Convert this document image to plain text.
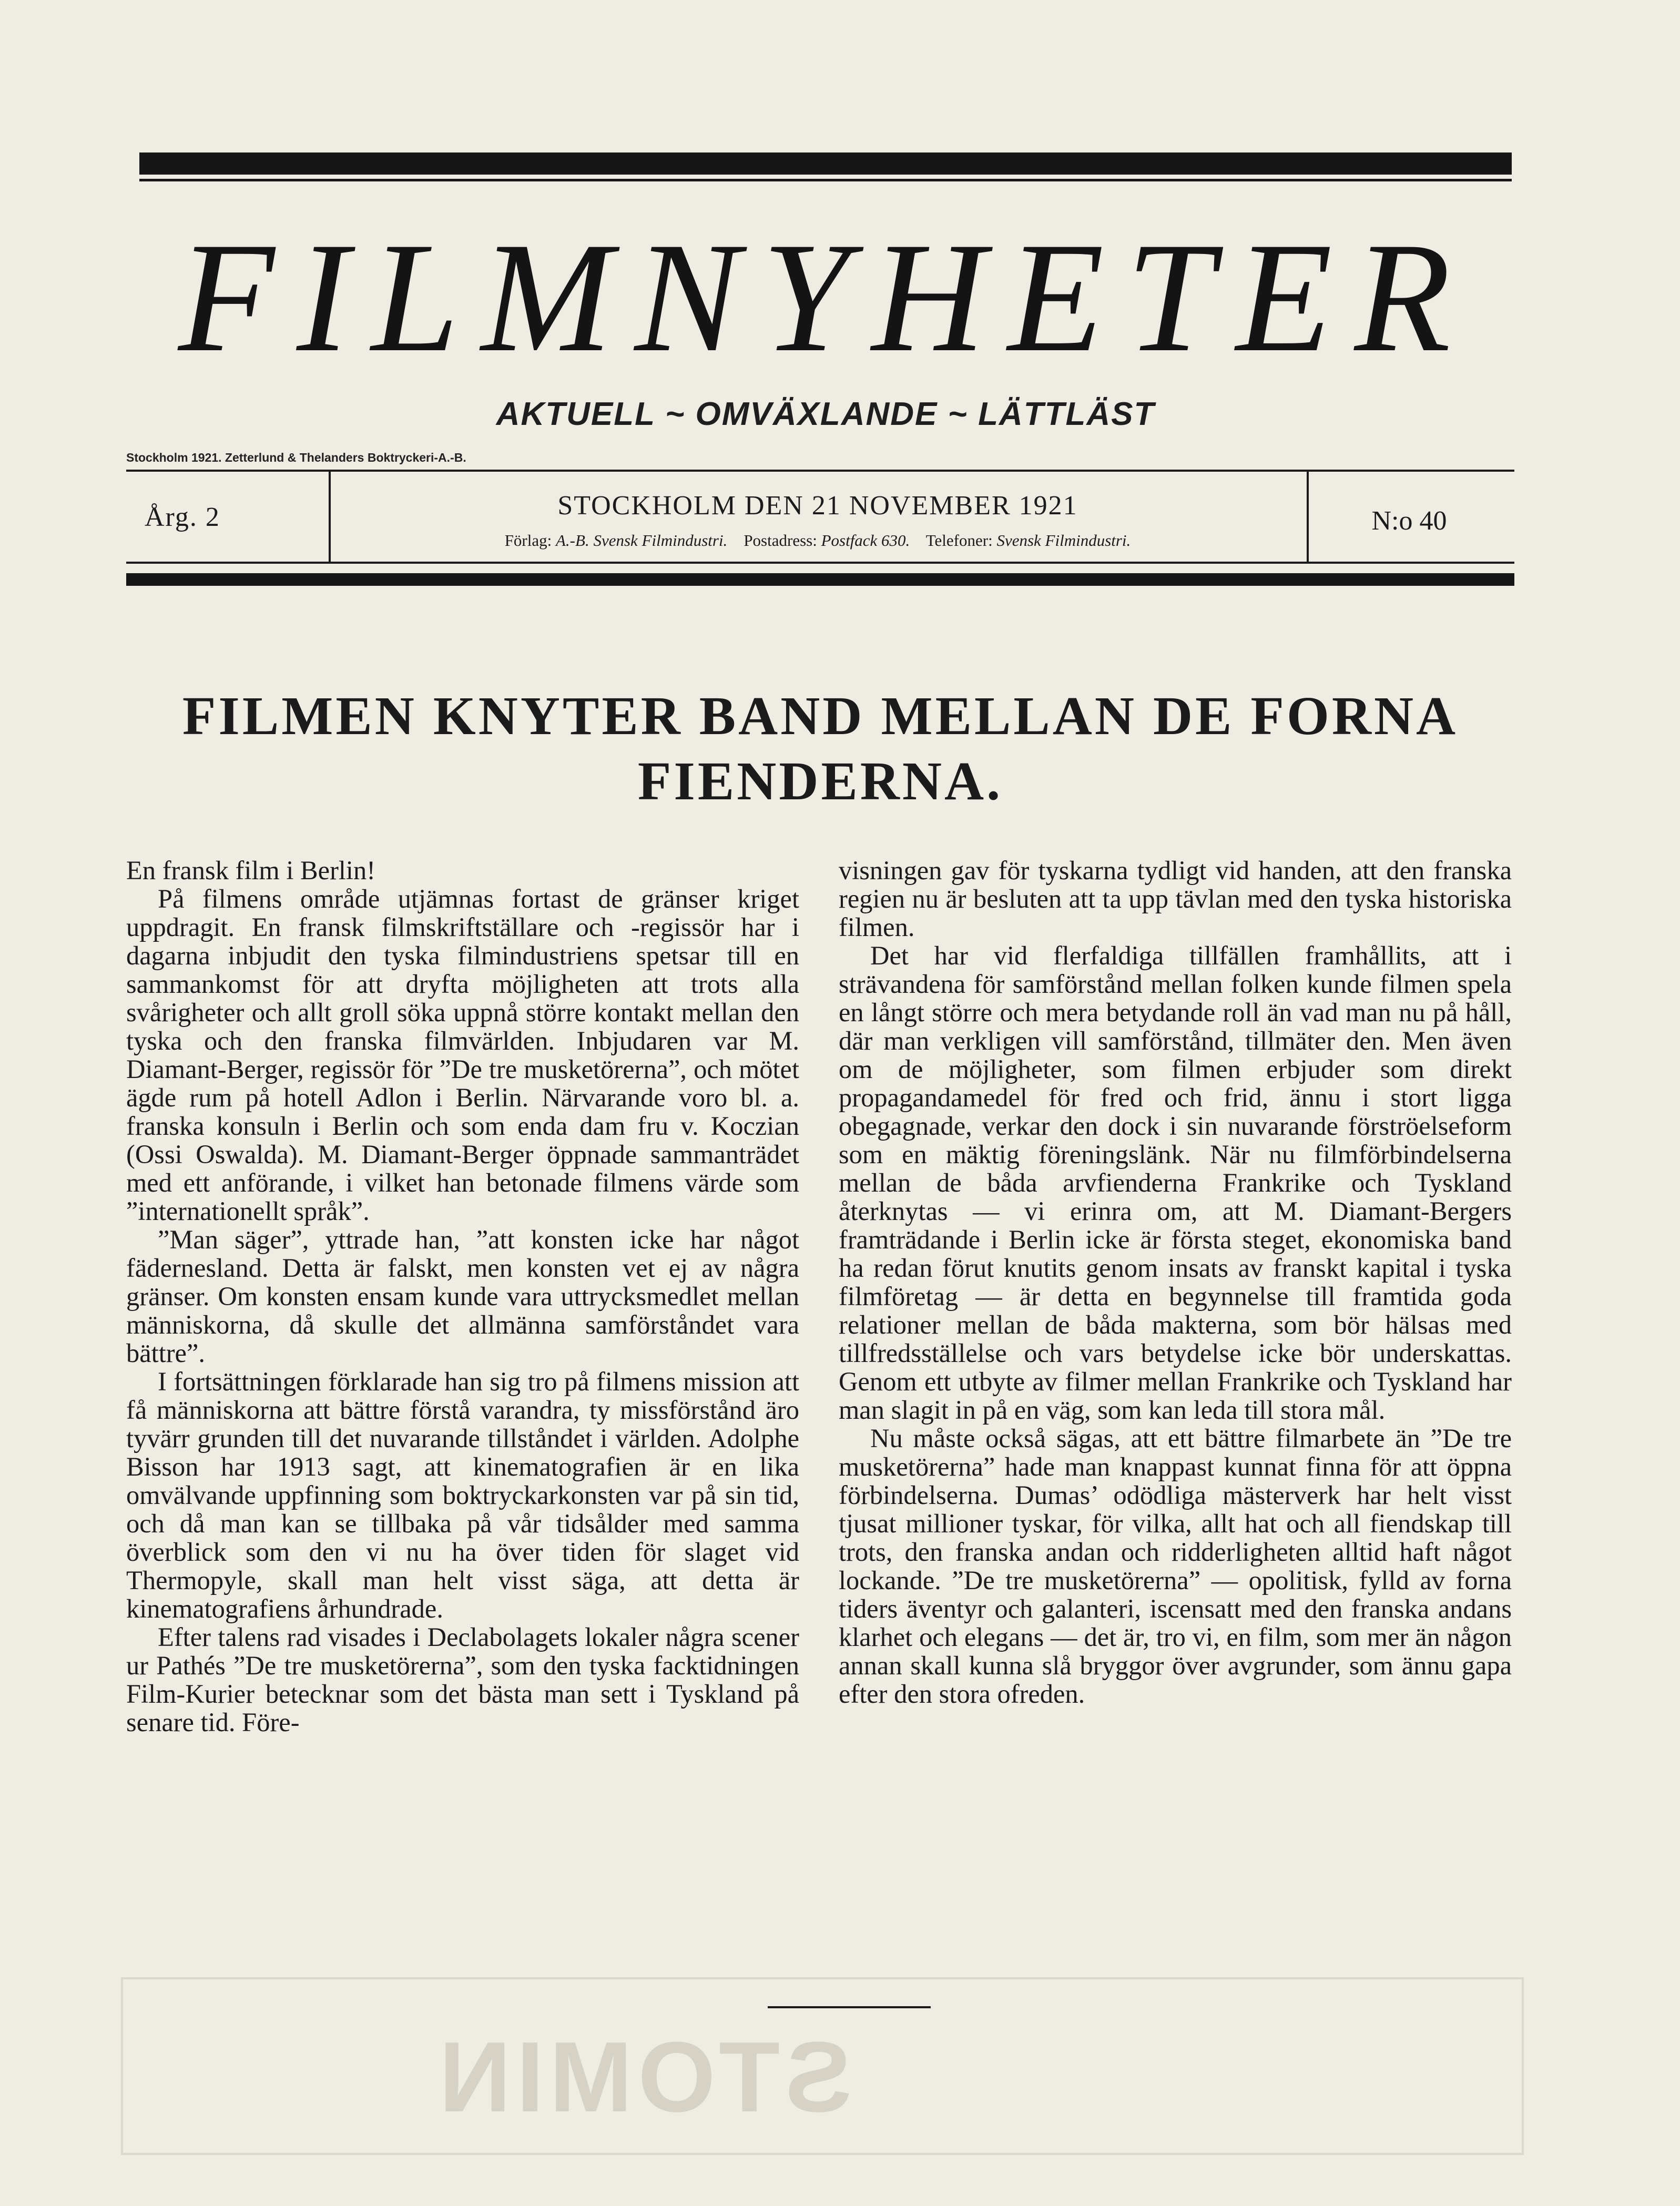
STOMIN
FILMNYHETER
AKTUELL ~ OMVÄXLANDE ~ LÄTTLÄST
Stockholm 1921. Zetterlund & Thelanders Boktryckeri-A.-B.
Årg. 2	STOCKHOLM DEN 21 NOVEMBER 1921
Förlag: A.-B. Svensk Filmindustri. Postadress: Postfack 630. Telefoner: Svensk Filmindustri.
N:o 40
FILMEN KNYTER BAND MELLAN DE FORNA FIENDERNA.

En fransk film i Berlin!

På filmens område utjämnas fortast de gränser kriget uppdragit. En fransk filmskriftställare och -regissör har i dagarna inbjudit den tyska filmindustriens spetsar till en sammankomst för att dryfta möjligheten att trots alla svårigheter och allt groll söka uppnå större kontakt mellan den tyska och den franska filmvärlden. Inbjudaren var M. Diamant-Berger, regissör för ”De tre musketörerna”, och mötet ägde rum på hotell Adlon i Berlin. Närvarande voro bl. a. franska konsuln i Berlin och som enda dam fru v. Koczian (Ossi Oswalda). M. Diamant-Berger öppnade sammanträdet med ett anförande, i vilket han betonade filmens värde som ”internationellt språk”.

”Man säger”, yttrade han, ”att konsten icke har något fädernesland. Detta är falskt, men konsten vet ej av några gränser. Om konsten ensam kunde vara uttrycksmedlet mellan människorna, då skulle det allmänna samförståndet vara bättre”.

I fortsättningen förklarade han sig tro på filmens mission att få människorna att bättre förstå varandra, ty missförstånd äro tyvärr grunden till det nuvarande tillståndet i världen. Adolphe Bisson har 1913 sagt, att kinematografien är en lika omvälvande uppfinning som boktryckarkonsten var på sin tid, och då man kan se tillbaka på vår tidsålder med samma överblick som den vi nu ha över tiden för slaget vid Thermopyle, skall man helt visst säga, att detta är kinematografiens århundrade.

Efter talens rad visades i Declabolagets lokaler några scener ur Pathés ”De tre musketörerna”, som den tyska facktidningen Film-Kurier betecknar som det bästa man sett i Tyskland på senare tid. Före-

visningen gav för tyskarna tydligt vid handen, att den franska regien nu är besluten att ta upp tävlan med den tyska historiska filmen.

Det har vid flerfaldiga tillfällen framhållits, att i strävandena för samförstånd mellan folken kunde filmen spela en långt större och mera betydande roll än vad man nu på håll, där man verkligen vill samförstånd, tillmäter den. Men även om de möjligheter, som filmen erbjuder som direkt propagandamedel för fred och frid, ännu i stort ligga obegagnade, verkar den dock i sin nuvarande förströelseform som en mäktig föreningslänk. När nu filmförbindelserna mellan de båda arvfienderna Frankrike och Tyskland återknytas — vi erinra om, att M. Diamant-Bergers framträdande i Berlin icke är första steget, ekonomiska band ha redan förut knutits genom insats av franskt kapital i tyska filmföretag — är detta en begynnelse till framtida goda relationer mellan de båda makterna, som bör hälsas med tillfredsställelse och vars betydelse icke bör underskattas. Genom ett utbyte av filmer mellan Frankrike och Tyskland har man slagit in på en väg, som kan leda till stora mål.

Nu måste också sägas, att ett bättre filmarbete än ”De tre musketörerna” hade man knappast kunnat finna för att öppna förbindelserna. Dumas’ odödliga mästerverk har helt visst tjusat millioner tyskar, för vilka, allt hat och all fiendskap till trots, den franska andan och ridderligheten alltid haft något lockande. ”De tre musketörerna” — opolitisk, fylld av forna tiders äventyr och galanteri, iscensatt med den franska andans klarhet och elegans — det är, tro vi, en film, som mer än någon annan skall kunna slå bryggor över avgrunder, som ännu gapa efter den stora ofreden.
